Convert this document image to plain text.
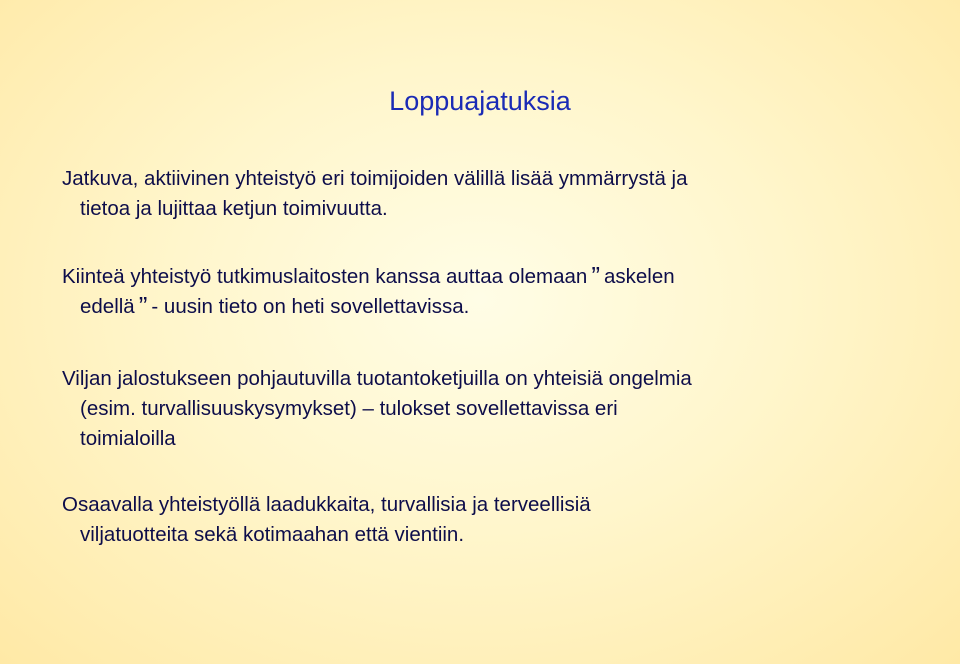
Loppuajatuksia

Jatkuva, aktiivinen yhteistyö eri toimijoiden välillä lisää ymmärrystä ja
tietoa ja lujittaa ketjun toimivuutta.

Kiinteä yhteistyö tutkimuslaitosten kanssa auttaa olemaan ” askelen
edellä ” - uusin tieto on heti sovellettavissa.

Viljan jalostukseen pohjautuvilla tuotantoketjuilla on yhteisiä ongelmia
(esim. turvallisuuskysymykset) – tulokset sovellettavissa eri
toimialoilla

Osaavalla yhteistyöllä laadukkaita, turvallisia ja terveellisiä
viljatuotteita sekä kotimaahan että vientiin.
